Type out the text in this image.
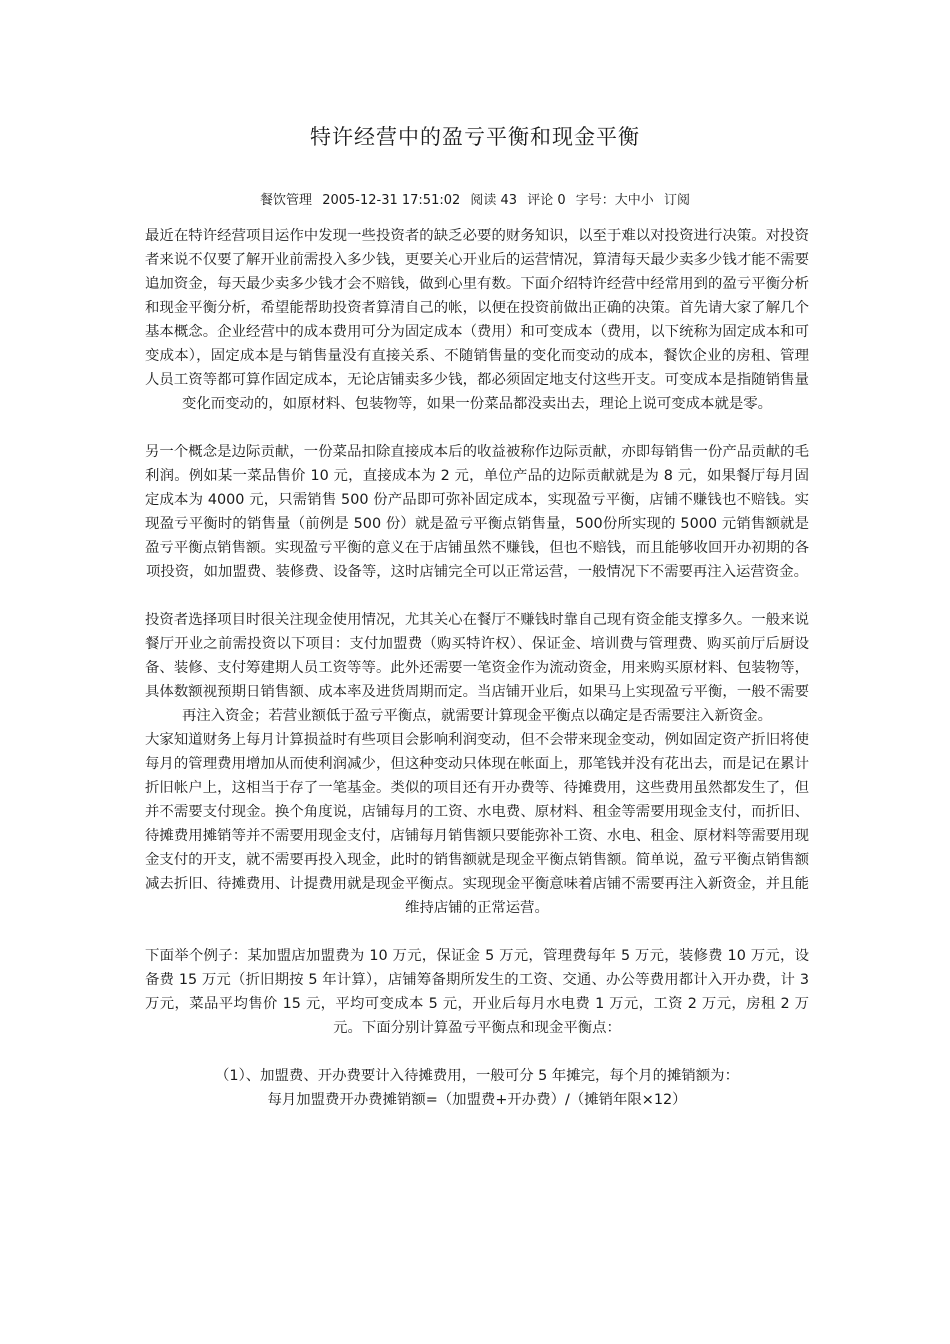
特许经营中的盈亏平衡和现金平衡
餐饮管理 2005-12-31 17:51:02 阅读 43 评论 0 字号：大中小 订阅

最近在特许经营项目运作中发现一些投资者的缺乏必要的财务知识，以至于难以对投资进行决策。对投资者来说不仅要了解开业前需投入多少钱，更要关心开业后的运营情况，算清每天最少卖多少钱才能不需要追加资金，每天最少卖多少钱才会不赔钱，做到心里有数。下面介绍特许经营中经常用到的盈亏平衡分析和现金平衡分析，希望能帮助投资者算清自己的帐，以便在投资前做出正确的决策。首先请大家了解几个基本概念。企业经营中的成本费用可分为固定成本（费用）和可变成本（费用，以下统称为固定成本和可变成本），固定成本是与销售量没有直接关系、不随销售量的变化而变动的成本，餐饮企业的房租、管理人员工资等都可算作固定成本，无论店铺卖多少钱，都必须固定地支付这些开支。可变成本是指随销售量变化而变动的，如原材料、包装物等，如果一份菜品都没卖出去，理论上说可变成本就是零。

另一个概念是边际贡献，一份菜品扣除直接成本后的收益被称作边际贡献，亦即每销售一份产品贡献的毛利润。例如某一菜品售价 10 元，直接成本为 2 元，单位产品的边际贡献就是为 8 元，如果餐厅每月固定成本为 4000 元，只需销售 500 份产品即可弥补固定成本，实现盈亏平衡，店铺不赚钱也不赔钱。实现盈亏平衡时的销售量（前例是 500 份）就是盈亏平衡点销售量，500份所实现的 5000 元销售额就是盈亏平衡点销售额。实现盈亏平衡的意义在于店铺虽然不赚钱，但也不赔钱，而且能够收回开办初期的各项投资，如加盟费、装修费、设备等，这时店铺完全可以正常运营，一般情况下不需要再注入运营资金。

投资者选择项目时很关注现金使用情况，尤其关心在餐厅不赚钱时靠自己现有资金能支撑多久。一般来说餐厅开业之前需投资以下项目：支付加盟费（购买特许权）、保证金、培训费与管理费、购买前厅后厨设备、装修、支付筹建期人员工资等等。此外还需要一笔资金作为流动资金，用来购买原材料、包装物等，具体数额视预期日销售额、成本率及进货周期而定。当店铺开业后，如果马上实现盈亏平衡，一般不需要再注入资金；若营业额低于盈亏平衡点，就需要计算现金平衡点以确定是否需要注入新资金。

大家知道财务上每月计算损益时有些项目会影响利润变动，但不会带来现金变动，例如固定资产折旧将使每月的管理费用增加从而使利润减少，但这种变动只体现在帐面上，那笔钱并没有花出去，而是记在累计折旧帐户上，这相当于存了一笔基金。类似的项目还有开办费等、待摊费用，这些费用虽然都发生了，但并不需要支付现金。换个角度说，店铺每月的工资、水电费、原材料、租金等需要用现金支付，而折旧、待摊费用摊销等并不需要用现金支付，店铺每月销售额只要能弥补工资、水电、租金、原材料等需要用现金支付的开支，就不需要再投入现金，此时的销售额就是现金平衡点销售额。简单说，盈亏平衡点销售额减去折旧、待摊费用、计提费用就是现金平衡点。实现现金平衡意味着店铺不需要再注入新资金，并且能维持店铺的正常运营。

下面举个例子：某加盟店加盟费为 10 万元，保证金 5 万元，管理费每年 5 万元，装修费 10 万元，设备费 15 万元（折旧期按 5 年计算），店铺筹备期所发生的工资、交通、办公等费用都计入开办费，计 3 万元，菜品平均售价 15 元，平均可变成本 5 元，开业后每月水电费 1 万元，工资 2 万元，房租 2 万元。下面分别计算盈亏平衡点和现金平衡点：

（1）、加盟费、开办费要计入待摊费用，一般可分 5 年摊完，每个月的摊销额为：

每月加盟费开办费摊销额=（加盟费+开办费）/（摊销年限×12）
